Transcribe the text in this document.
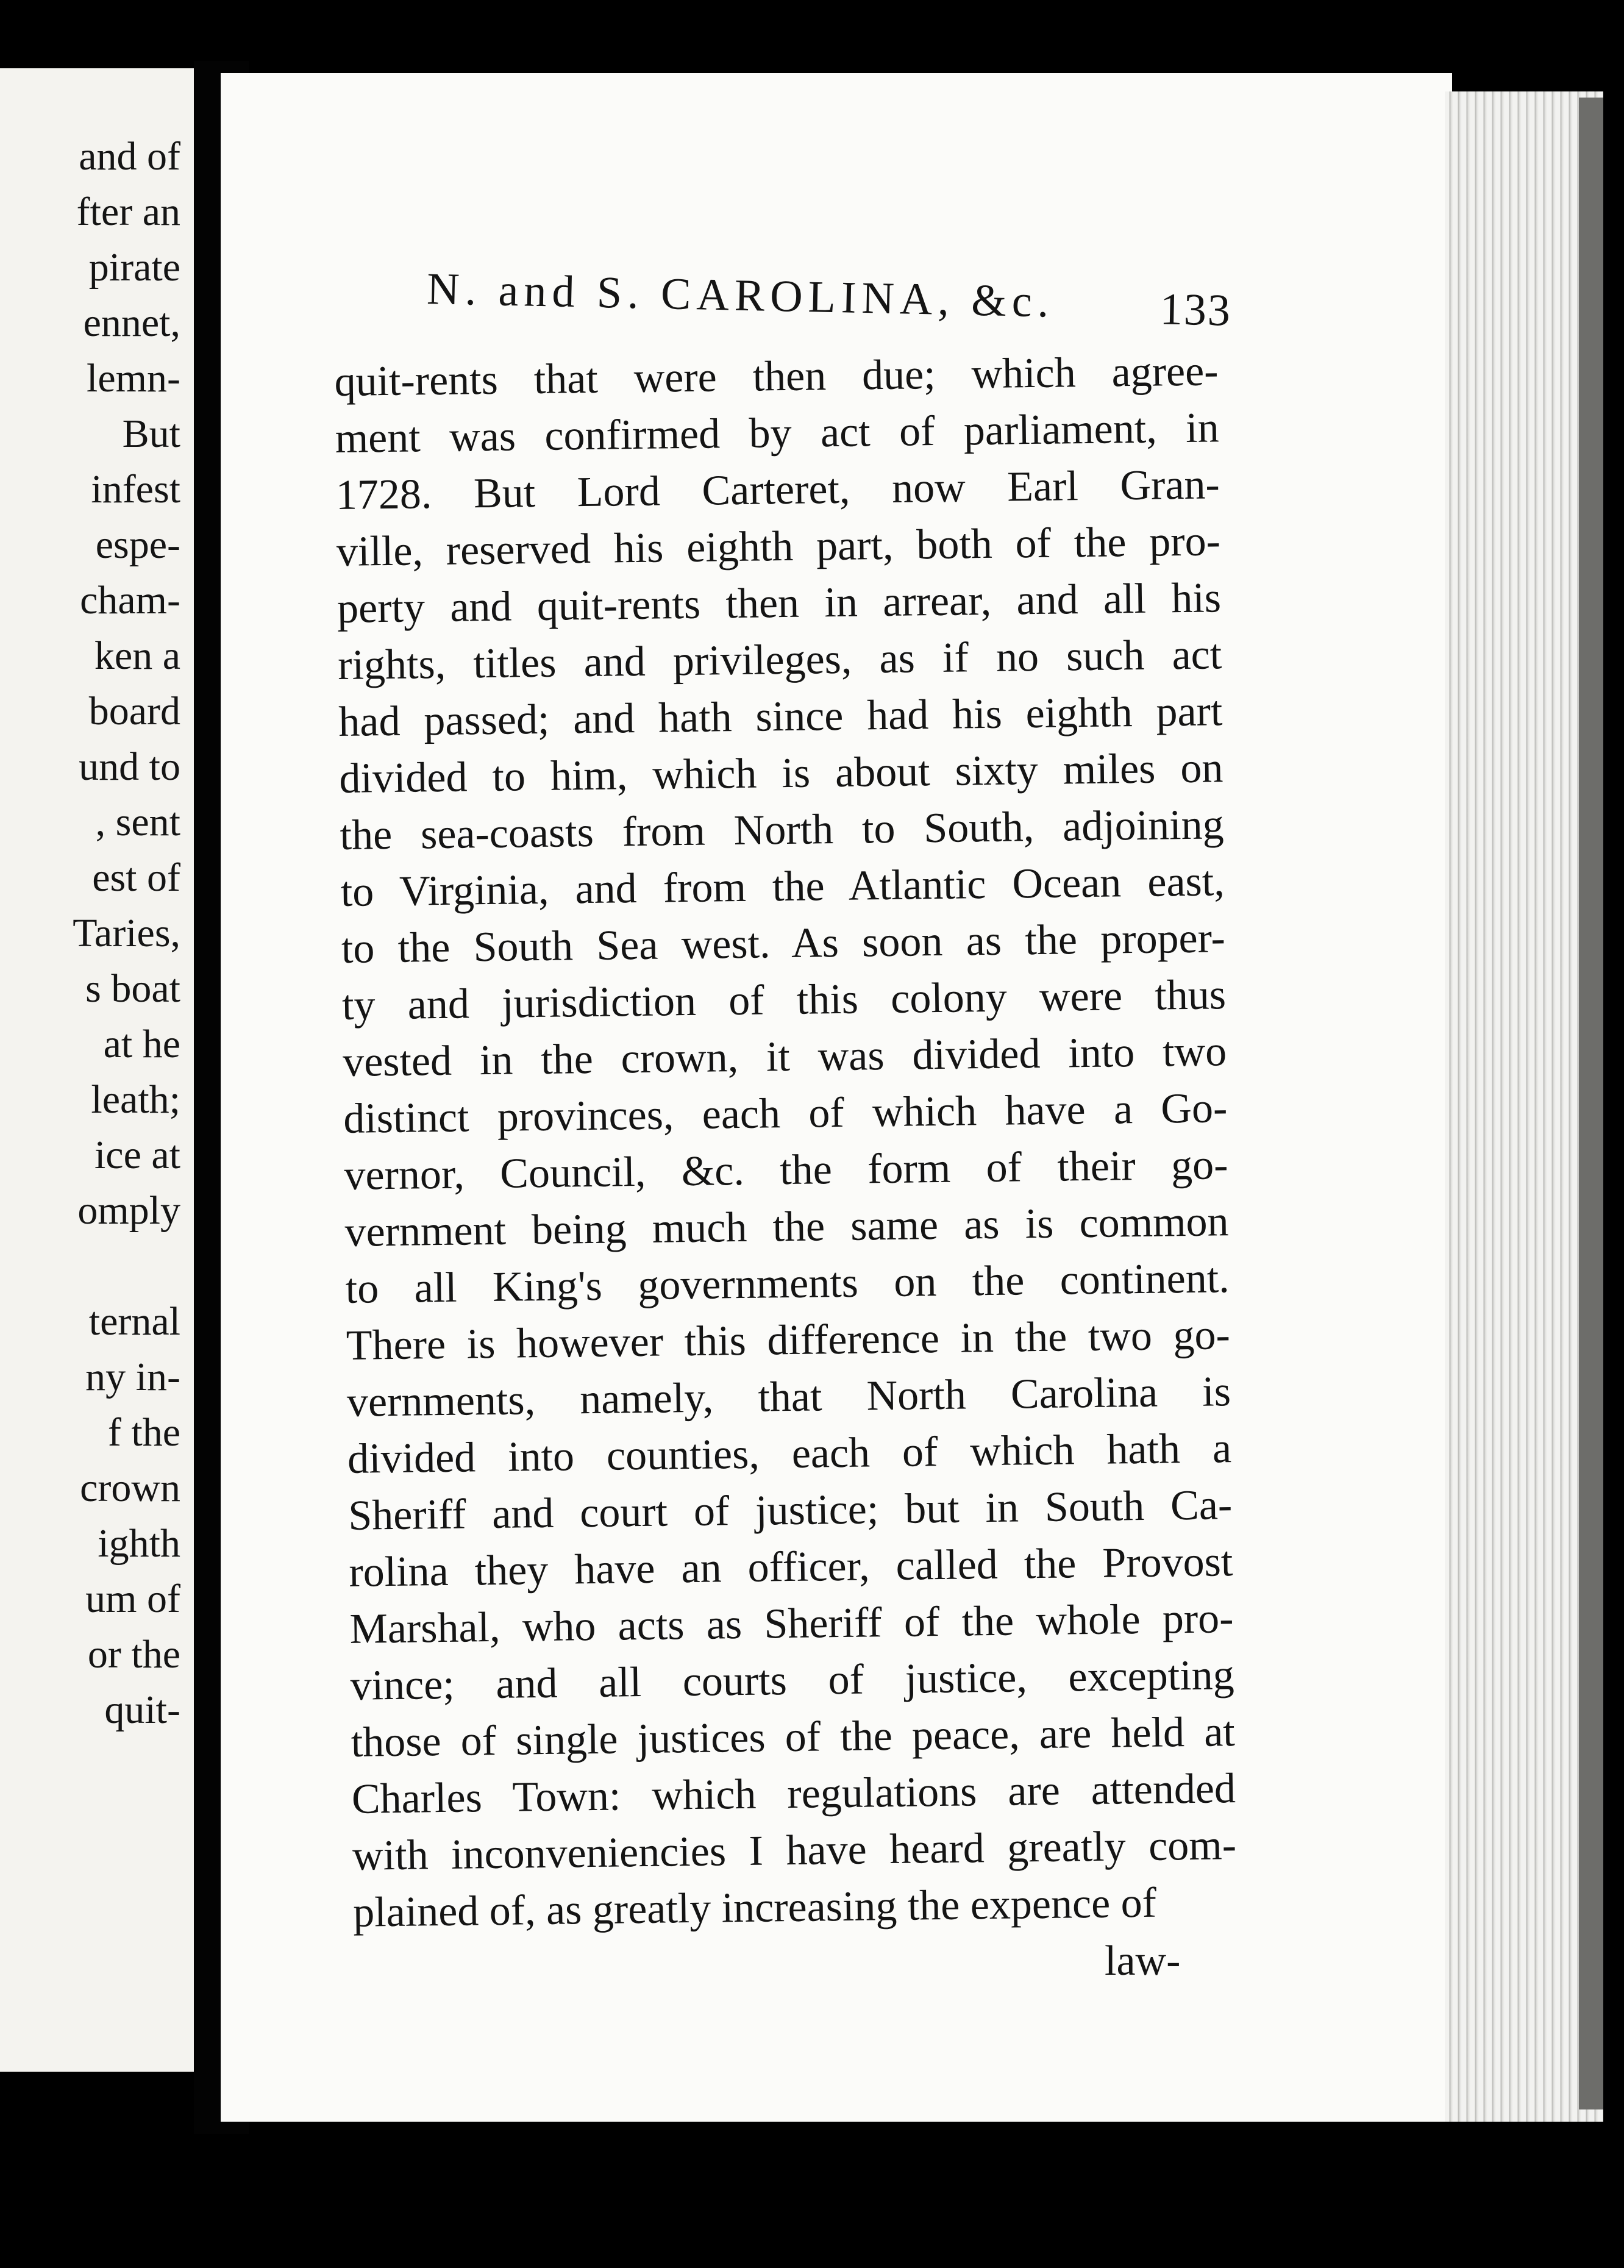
and of
fter an
pirate
ennet,
lemn-
But
infest
espe-
cham-
ken a
board
und to
, sent
est of
Taries,
s boat
at he
leath;
ice at
omply
ternal
ny in-
f the
crown
ighth
um of
or the
quit-
N. and S. CAROLINA, &c. 133
quit-rents that were then due; which agree-
ment was confirmed by act of parliament, in
1728. But Lord Carteret, now Earl Gran-
ville, reserved his eighth part, both of the pro-
perty and quit-rents then in arrear, and all his
rights, titles and privileges, as if no such act
had passed; and hath since had his eighth part
divided to him, which is about sixty miles on
the sea-coasts from North to South, adjoining
to Virginia, and from the Atlantic Ocean east,
to the South Sea west. As soon as the proper-
ty and jurisdiction of this colony were thus
vested in the crown, it was divided into two
distinct provinces, each of which have a Go-
vernor, Council, &c. the form of their go-
vernment being much the same as is common
to all King's governments on the continent.
There is however this difference in the two go-
vernments, namely, that North Carolina is
divided into counties, each of which hath a
Sheriff and court of justice; but in South Ca-
rolina they have an officer, called the Provost
Marshal, who acts as Sheriff of the whole pro-
vince; and all courts of justice, excepting
those of single justices of the peace, are held at
Charles Town: which regulations are attended
with inconveniencies I have heard greatly com-
plained of, as greatly increasing the expence of
law-
